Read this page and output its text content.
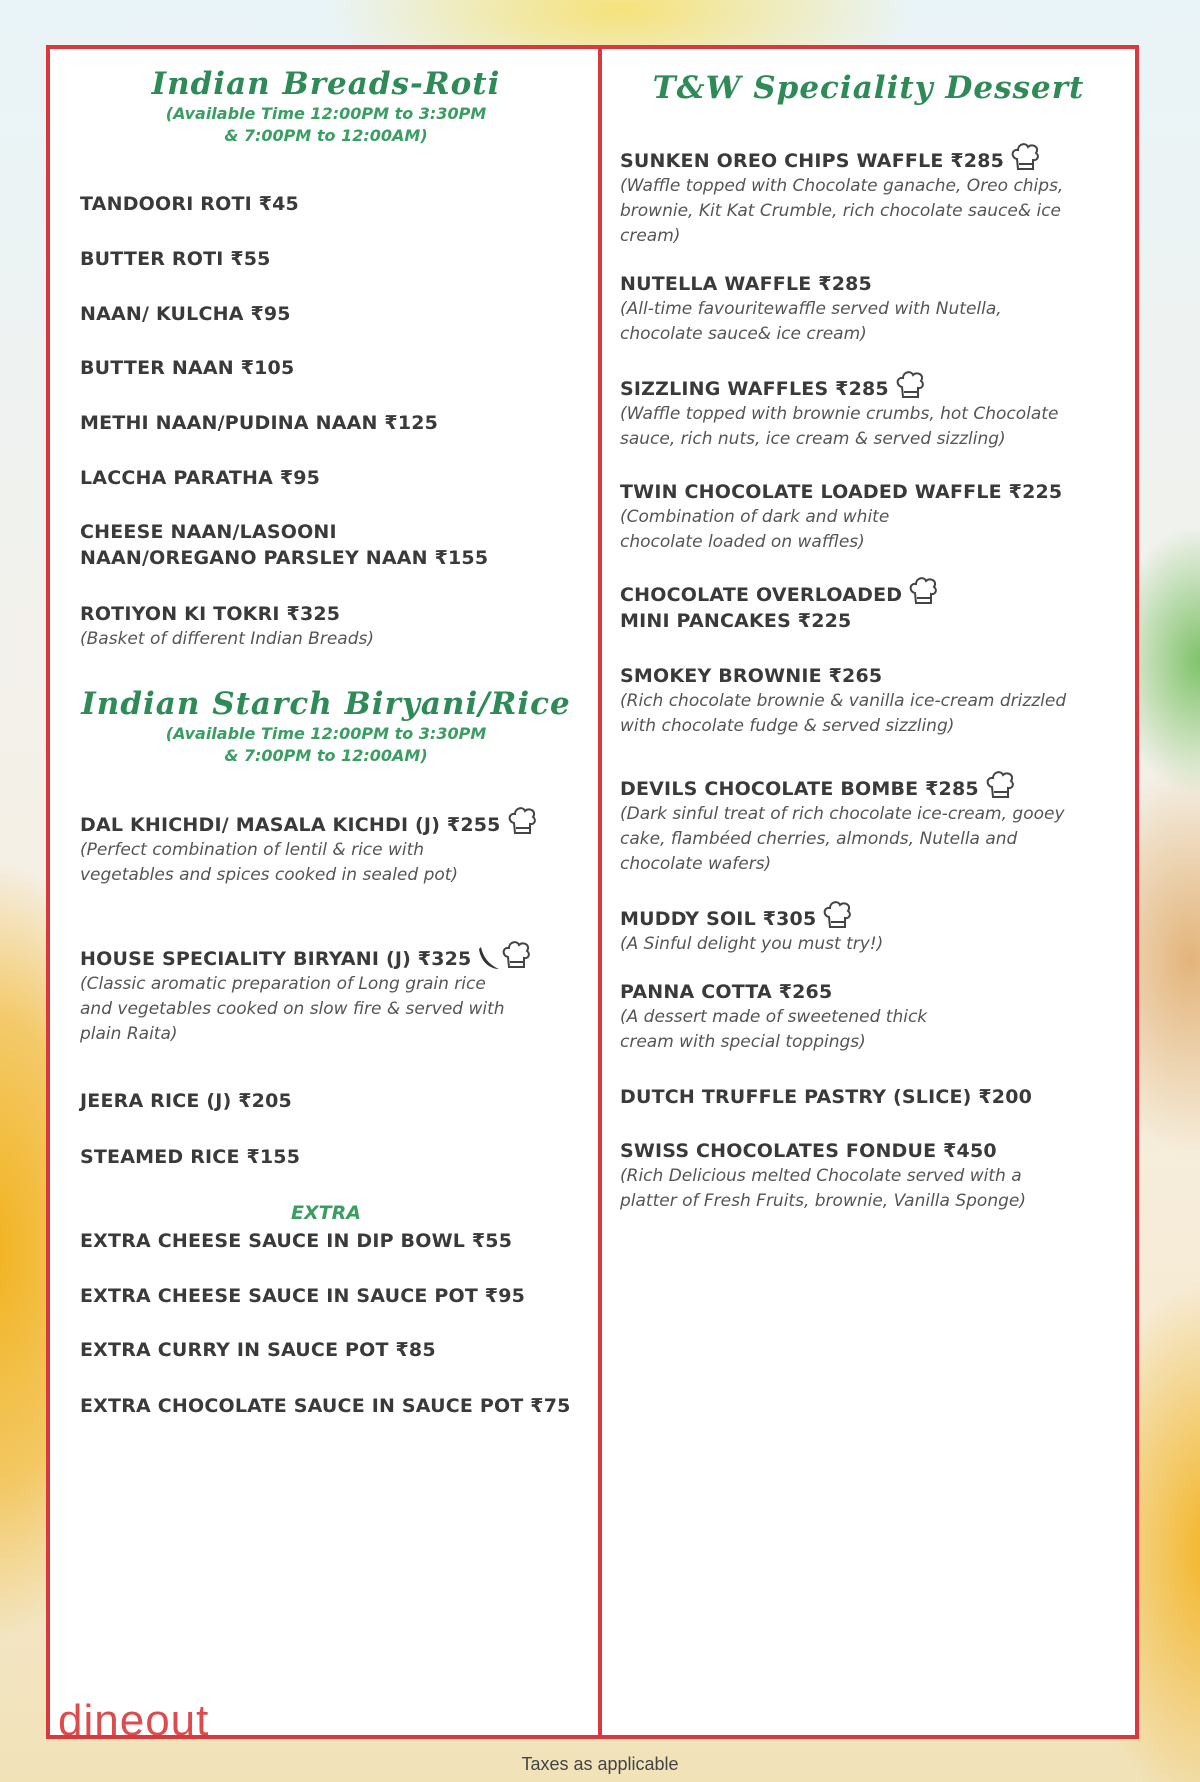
Indian Breads-Roti

(Available Time 12:00PM to 3:30PM

& 7:00PM to 12:00AM)

TANDOORI ROTI ₹45

BUTTER ROTI ₹55

NAAN/ KULCHA ₹95

BUTTER NAAN ₹105

METHI NAAN/PUDINA NAAN ₹125

LACCHA PARATHA ₹95

CHEESE NAAN/LASOONI

NAAN/OREGANO PARSLEY NAAN ₹155

ROTIYON KI TOKRI ₹325

(Basket of different Indian Breads)

Indian Starch Biryani/Rice

(Available Time 12:00PM to 3:30PM

& 7:00PM to 12:00AM)

DAL KHICHDI/ MASALA KICHDI (J) ₹255

(Perfect combination of lentil & rice with

vegetables and spices cooked in sealed pot)

HOUSE SPECIALITY BIRYANI (J) ₹325

(Classic aromatic preparation of Long grain rice

and vegetables cooked on slow fire & served with

plain Raita)

JEERA RICE (J) ₹205

STEAMED RICE ₹155

EXTRA

EXTRA CHEESE SAUCE IN DIP BOWL ₹55

EXTRA CHEESE SAUCE IN SAUCE POT ₹95

EXTRA CURRY IN SAUCE POT ₹85

EXTRA CHOCOLATE SAUCE IN SAUCE POT ₹75

T&W Speciality Dessert

SUNKEN OREO CHIPS WAFFLE ₹285

(Waffle topped with Chocolate ganache, Oreo chips,

brownie, Kit Kat Crumble, rich chocolate sauce& ice

cream)

NUTELLA WAFFLE ₹285

(All-time favouritewaffle served with Nutella,

chocolate sauce& ice cream)

SIZZLING WAFFLES ₹285

(Waffle topped with brownie crumbs, hot Chocolate

sauce, rich nuts, ice cream & served sizzling)

TWIN CHOCOLATE LOADED WAFFLE ₹225

(Combination of dark and white

chocolate loaded on waffles)

CHOCOLATE OVERLOADED

MINI PANCAKES ₹225

SMOKEY BROWNIE ₹265

(Rich chocolate brownie & vanilla ice-cream drizzled

with chocolate fudge & served sizzling)

DEVILS CHOCOLATE BOMBE ₹285

(Dark sinful treat of rich chocolate ice-cream, gooey

cake, flambéed cherries, almonds, Nutella and

chocolate wafers)

MUDDY SOIL ₹305

(A Sinful delight you must try!)

PANNA COTTA ₹265

(A dessert made of sweetened thick

cream with special toppings)

DUTCH TRUFFLE PASTRY (SLICE) ₹200

SWISS CHOCOLATES FONDUE ₹450

(Rich Delicious melted Chocolate served with a

platter of Fresh Fruits, brownie, Vanilla Sponge)

dineout
Taxes as applicable
